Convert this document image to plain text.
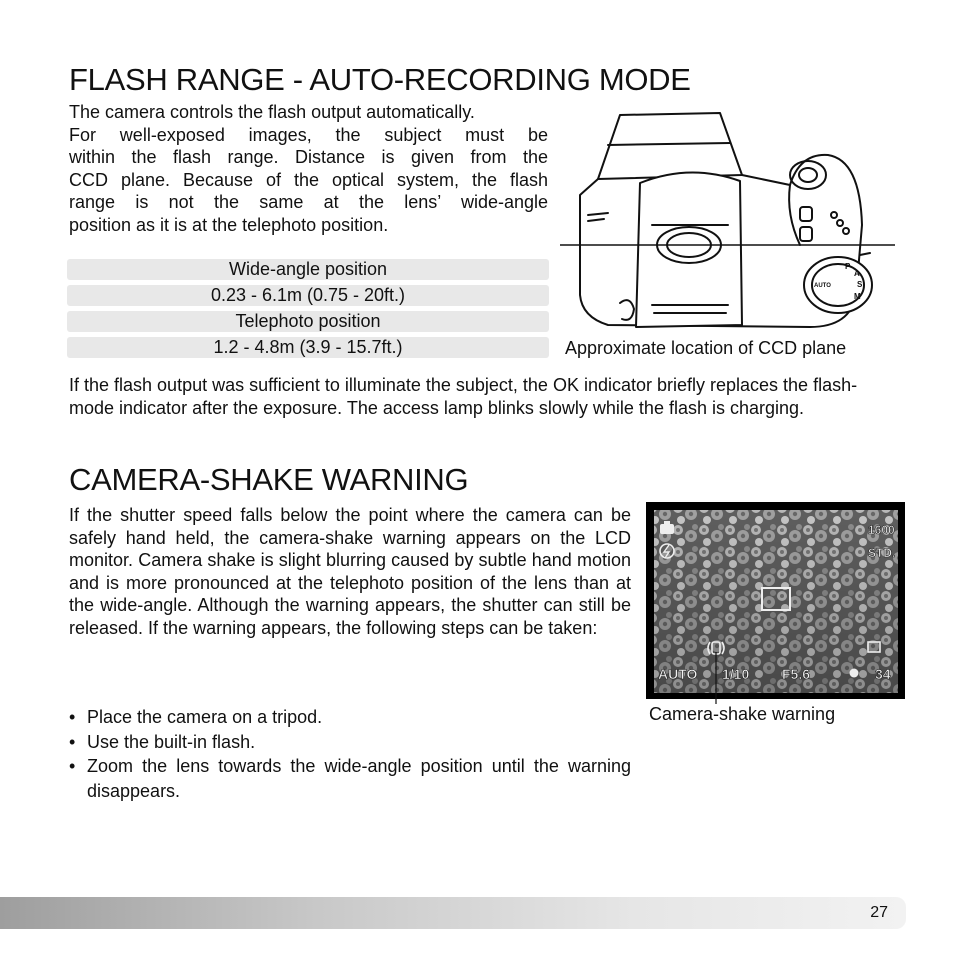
FLASH RANGE - AUTO-RECORDING MODE
The camera controls the flash output automatically.
For well-exposed images, the subject must be
within the flash range. Distance is given from the
CCD plane. Because of the optical system, the flash
range is not the same at the lens’ wide-angle
position as it is at the telephoto position.
Wide-angle position
0.23 - 6.1m (0.75 - 20ft.)
Telephoto position
1.2 - 4.8m (3.9 - 15.7ft.)
P
A
S
M
AUTO
Approximate location of CCD plane
If the flash output was sufficient to illuminate the subject, the OK indicator briefly replaces the flash-mode indicator after the exposure. The access lamp blinks slowly while the flash is charging.
CAMERA-SHAKE WARNING
If the shutter speed falls below the point where the camera can be safely hand held, the camera-shake warning appears on the LCD monitor. Camera shake is slight blurring caused by subtle hand motion and is more pronounced at the telephoto position of the lens than at the wide-angle. Although the warning appears, the shutter can still be released. If the warning appears, the following steps can be taken:
• Place the camera on a tripod.
• Use the built-in flash.
• Zoom the lens towards the wide-angle position until the warning disappears.
1600
STD.
AUTO 1/10 F5.6	34
Camera-shake warning
27
